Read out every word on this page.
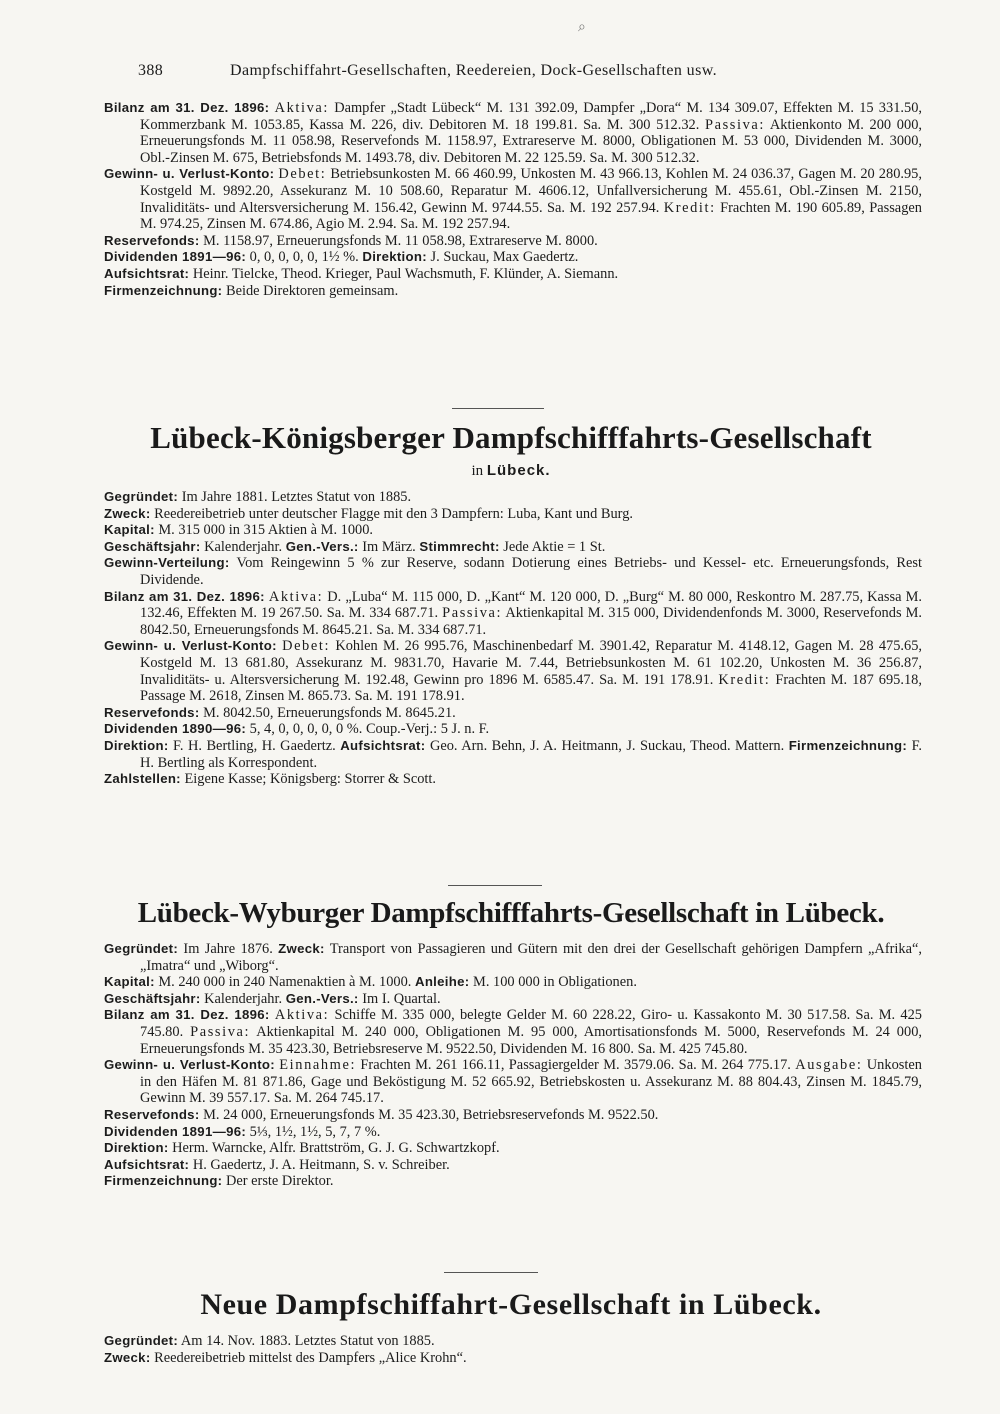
⌕
388	Dampfschiffahrt-Gesellschaften, Reedereien, Dock-Gesellschaften usw.

Bilanz am 31. Dez. 1896: Aktiva: Dampfer „Stadt Lübeck“ M. 131 392.09, Dampfer „Dora“ M. 134 309.07, Effekten M. 15 331.50, Kommerzbank M. 1053.85, Kassa M. 226, div. Debitoren M. 18 199.81. Sa. M. 300 512.32. Passiva: Aktienkonto M. 200 000, Erneuerungsfonds M. 11 058.98, Reservefonds M. 1158.97, Extrareserve M. 8000, Obligationen M. 53 000, Dividenden M. 3000, Obl.-Zinsen M. 675, Betriebsfonds M. 1493.78, div. Debitoren M. 22 125.59. Sa. M. 300 512.32.

Gewinn- u. Verlust-Konto: Debet: Betriebsunkosten M. 66 460.99, Unkosten M. 43 966.13, Kohlen M. 24 036.37, Gagen M. 20 280.95, Kostgeld M. 9892.20, Assekuranz M. 10 508.60, Reparatur M. 4606.12, Unfallversicherung M. 455.61, Obl.-Zinsen M. 2150, Invaliditäts- und Altersversicherung M. 156.42, Gewinn M. 9744.55. Sa. M. 192 257.94. Kredit: Frachten M. 190 605.89, Passagen M. 974.25, Zinsen M. 674.86, Agio M. 2.94. Sa. M. 192 257.94.

Reservefonds: M. 1158.97, Erneuerungsfonds M. 11 058.98, Extrareserve M. 8000.

Dividenden 1891—96: 0, 0, 0, 0, 0, 1½ %. Direktion: J. Suckau, Max Gaedertz.

Aufsichtsrat: Heinr. Tielcke, Theod. Krieger, Paul Wachsmuth, F. Klünder, A. Siemann.

Firmenzeichnung: Beide Direktoren gemeinsam.

Lübeck-Königsberger Dampfschifffahrts-Gesellschaft
in Lübeck.

Gegründet: Im Jahre 1881. Letztes Statut von 1885.

Zweck: Reedereibetrieb unter deutscher Flagge mit den 3 Dampfern: Luba, Kant und Burg.

Kapital: M. 315 000 in 315 Aktien à M. 1000.

Geschäftsjahr: Kalenderjahr. Gen.-Vers.: Im März. Stimmrecht: Jede Aktie = 1 St.

Gewinn-Verteilung: Vom Reingewinn 5 % zur Reserve, sodann Dotierung eines Betriebs- und Kessel- etc. Erneuerungsfonds, Rest Dividende.

Bilanz am 31. Dez. 1896: Aktiva: D. „Luba“ M. 115 000, D. „Kant“ M. 120 000, D. „Burg“ M. 80 000, Reskontro M. 287.75, Kassa M. 132.46, Effekten M. 19 267.50. Sa. M. 334 687.71. Passiva: Aktienkapital M. 315 000, Dividendenfonds M. 3000, Reservefonds M. 8042.50, Erneuerungsfonds M. 8645.21. Sa. M. 334 687.71.

Gewinn- u. Verlust-Konto: Debet: Kohlen M. 26 995.76, Maschinenbedarf M. 3901.42, Reparatur M. 4148.12, Gagen M. 28 475.65, Kostgeld M. 13 681.80, Assekuranz M. 9831.70, Havarie M. 7.44, Betriebsunkosten M. 61 102.20, Unkosten M. 36 256.87, Invaliditäts- u. Altersversicherung M. 192.48, Gewinn pro 1896 M. 6585.47. Sa. M. 191 178.91. Kredit: Frachten M. 187 695.18, Passage M. 2618, Zinsen M. 865.73. Sa. M. 191 178.91.

Reservefonds: M. 8042.50, Erneuerungsfonds M. 8645.21.

Dividenden 1890—96: 5, 4, 0, 0, 0, 0, 0 %. Coup.-Verj.: 5 J. n. F.

Direktion: F. H. Bertling, H. Gaedertz. Aufsichtsrat: Geo. Arn. Behn, J. A. Heitmann, J. Suckau, Theod. Mattern. Firmenzeichnung: F. H. Bertling als Korrespondent.

Zahlstellen: Eigene Kasse; Königsberg: Storrer & Scott.

Lübeck-Wyburger Dampfschifffahrts-Gesellschaft in Lübeck.

Gegründet: Im Jahre 1876. Zweck: Transport von Passagieren und Gütern mit den drei der Gesellschaft gehörigen Dampfern „Afrika“, „Imatra“ und „Wiborg“.

Kapital: M. 240 000 in 240 Namenaktien à M. 1000. Anleihe: M. 100 000 in Obligationen.

Geschäftsjahr: Kalenderjahr. Gen.-Vers.: Im I. Quartal.

Bilanz am 31. Dez. 1896: Aktiva: Schiffe M. 335 000, belegte Gelder M. 60 228.22, Giro- u. Kassakonto M. 30 517.58. Sa. M. 425 745.80. Passiva: Aktienkapital M. 240 000, Obligationen M. 95 000, Amortisationsfonds M. 5000, Reservefonds M. 24 000, Erneuerungsfonds M. 35 423.30, Betriebsreserve M. 9522.50, Dividenden M. 16 800. Sa. M. 425 745.80.

Gewinn- u. Verlust-Konto: Einnahme: Frachten M. 261 166.11, Passagiergelder M. 3579.06. Sa. M. 264 775.17. Ausgabe: Unkosten in den Häfen M. 81 871.86, Gage und Beköstigung M. 52 665.92, Betriebskosten u. Assekuranz M. 88 804.43, Zinsen M. 1845.79, Gewinn M. 39 557.17. Sa. M. 264 745.17.

Reservefonds: M. 24 000, Erneuerungsfonds M. 35 423.30, Betriebsreservefonds M. 9522.50.

Dividenden 1891—96: 5⅓, 1½, 1½, 5, 7, 7 %.

Direktion: Herm. Warncke, Alfr. Brattström, G. J. G. Schwartzkopf.

Aufsichtsrat: H. Gaedertz, J. A. Heitmann, S. v. Schreiber.

Firmenzeichnung: Der erste Direktor.

Neue Dampfschiffahrt-Gesellschaft in Lübeck.

Gegründet: Am 14. Nov. 1883. Letztes Statut von 1885.

Zweck: Reedereibetrieb mittelst des Dampfers „Alice Krohn“.
